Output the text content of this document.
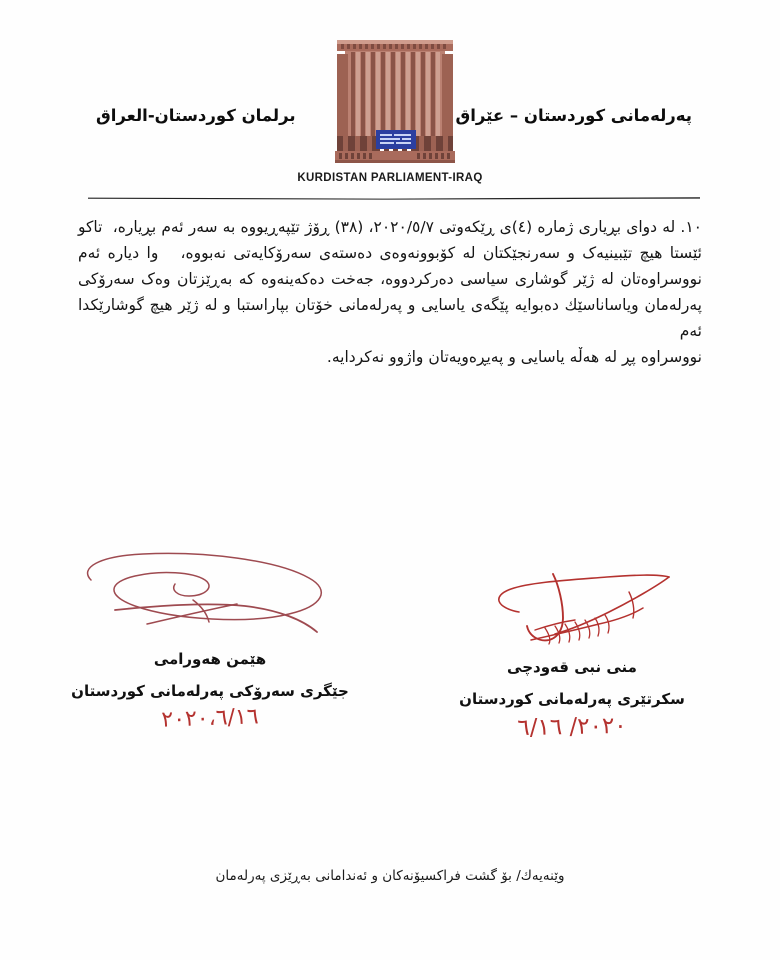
پەرلەمانی کوردستان – عێراق
برلمان كوردستان-العراق
KURDISTAN PARLIAMENT-IRAQ

١٠. لە دوای بڕیاری ژمارە (٤)ی ڕێکەوتی ٢٠٢٠/٥/٧، (٣٨) ڕۆژ تێپەڕیووە بە سەر ئەم بڕیارە،  تاکو

ئێستا هیچ تێبینیەک و سەرنجێکتان لە کۆبوونەوەی دەستەی سەرۆکایەتی نەبووە،   وا دیارە ئەم

نووسراوەتان لە ژێر گوشاری سیاسی دەرکردووە، جەخت دەکەینەوە کە بەڕێزتان وەک سەرۆکی

پەرلەمان وياساناسێك دەبوایە پێگەی یاسایی و پەرلەمانی خۆتان بپاراستبا و لە ژێر هیچ گوشارێکدا ئەم

نووسراوە پڕ لە هەڵە یاسایی و پەیڕەویەتان واژوو نەکردایە.

منی نبی قەودچی
سکرتێری پەرلەمانی کوردستان
٢٠٢٠/ ٦/١٦
هێمن هەورامی
جێگری سەرۆکی پەرلەمانی کوردستان
٢٠٢٠،٦/١٦
وێنەیەك/ بۆ گشت فراکسیۆنەکان و ئەندامانی بەڕێزی پەرلەمان
